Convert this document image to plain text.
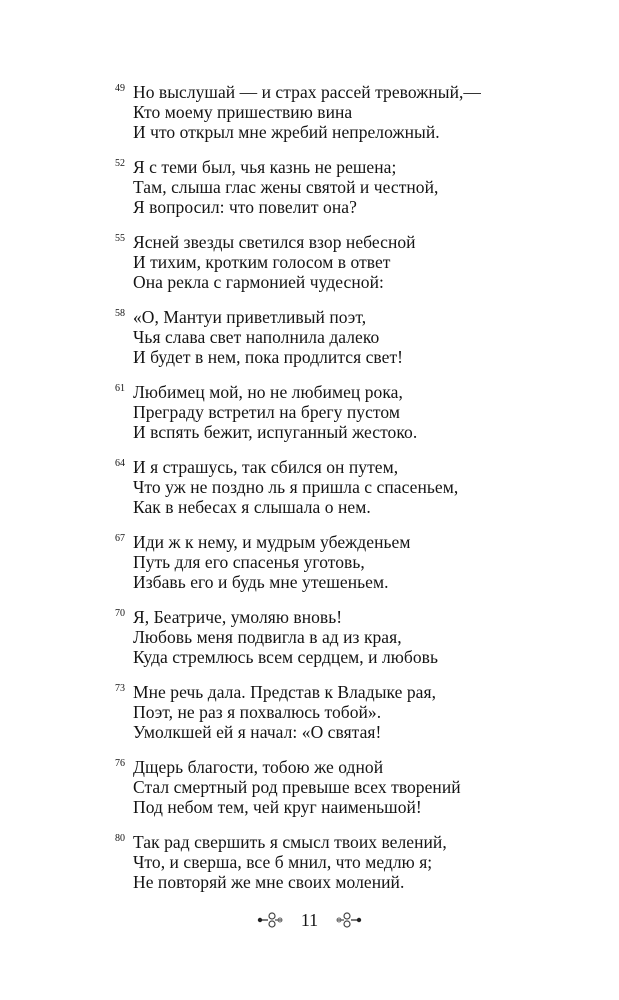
49 Но выслушай — и страх рассей тревожный,—
Кто моему пришествию вина
И что открыл мне жребий непреложный.
52 Я с теми был, чья казнь не решена;
Там, слыша глас жены святой и честной,
Я вопросил: что повелит она?
55 Ясней звезды светился взор небесной
И тихим, кротким голосом в ответ
Она рекла с гармонией чудесной:
58 «О, Мантуи приветливый поэт,
Чья слава свет наполнила далеко
И будет в нем, пока продлится свет!
61 Любимец мой, но не любимец рока,
Преграду встретил на брегу пустом
И вспять бежит, испуганный жестоко.
64 И я страшусь, так сбился он путем,
Что уж не поздно ль я пришла с спасеньем,
Как в небесах я слышала о нем.
67 Иди ж к нему, и мудрым убежденьем
Путь для его спасенья уготовь,
Избавь его и будь мне утешеньем.
70 Я, Беатриче, умоляю вновь!
Любовь меня подвигла в ад из края,
Куда стремлюсь всем сердцем, и любовь
73 Мне речь дала. Представ к Владыке рая,
Поэт, не раз я похвалюсь тобой».
Умолкшей ей я начал: «О святая!
76 Дщерь благости, тобою же одной
Стал смертный род превыше всех творений
Под небом тем, чей круг наименьшой!
80 Так рад свершить я смысл твоих велений,
Что, и сверша, все б мнил, что медлю я;
Не повторяй же мне своих молений.
11
